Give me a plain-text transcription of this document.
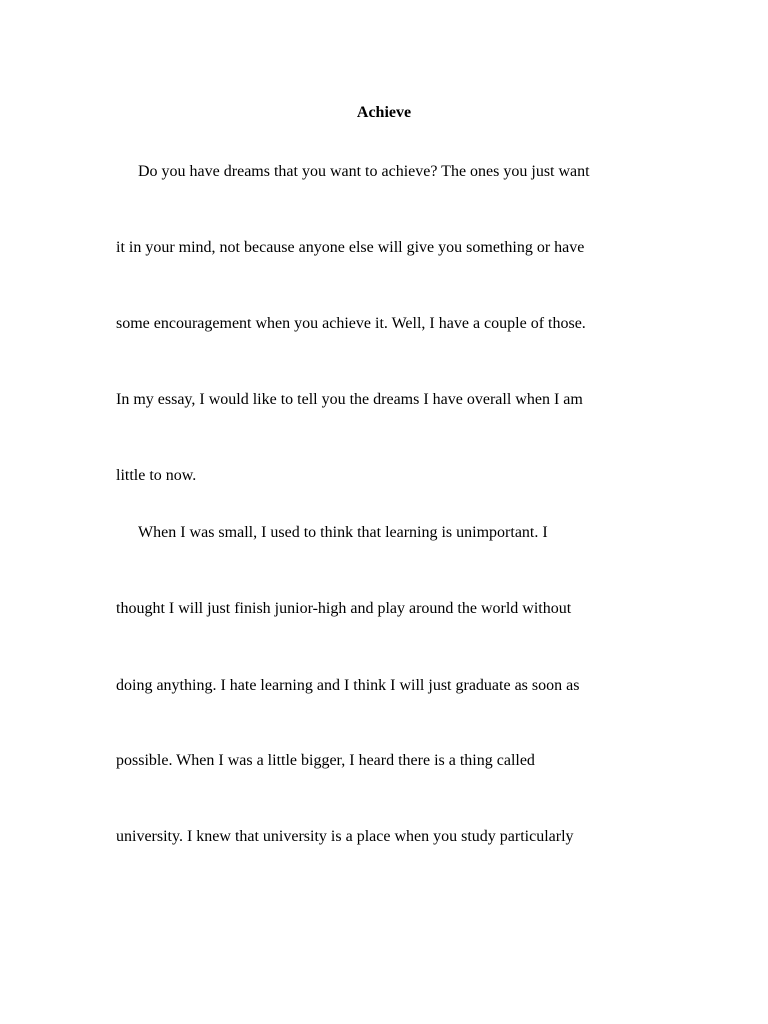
Achieve

Do you have dreams that you want to achieve? The ones you just want

it in your mind, not because anyone else will give you something or have

some encouragement when you achieve it. Well, I have a couple of those.

In my essay, I would like to tell you the dreams I have overall when I am

little to now.

When I was small, I used to think that learning is unimportant. I

thought I will just finish junior-high and play around the world without

doing anything. I hate learning and I think I will just graduate as soon as

possible. When I was a little bigger, I heard there is a thing called

university. I knew that university is a place when you study particularly
